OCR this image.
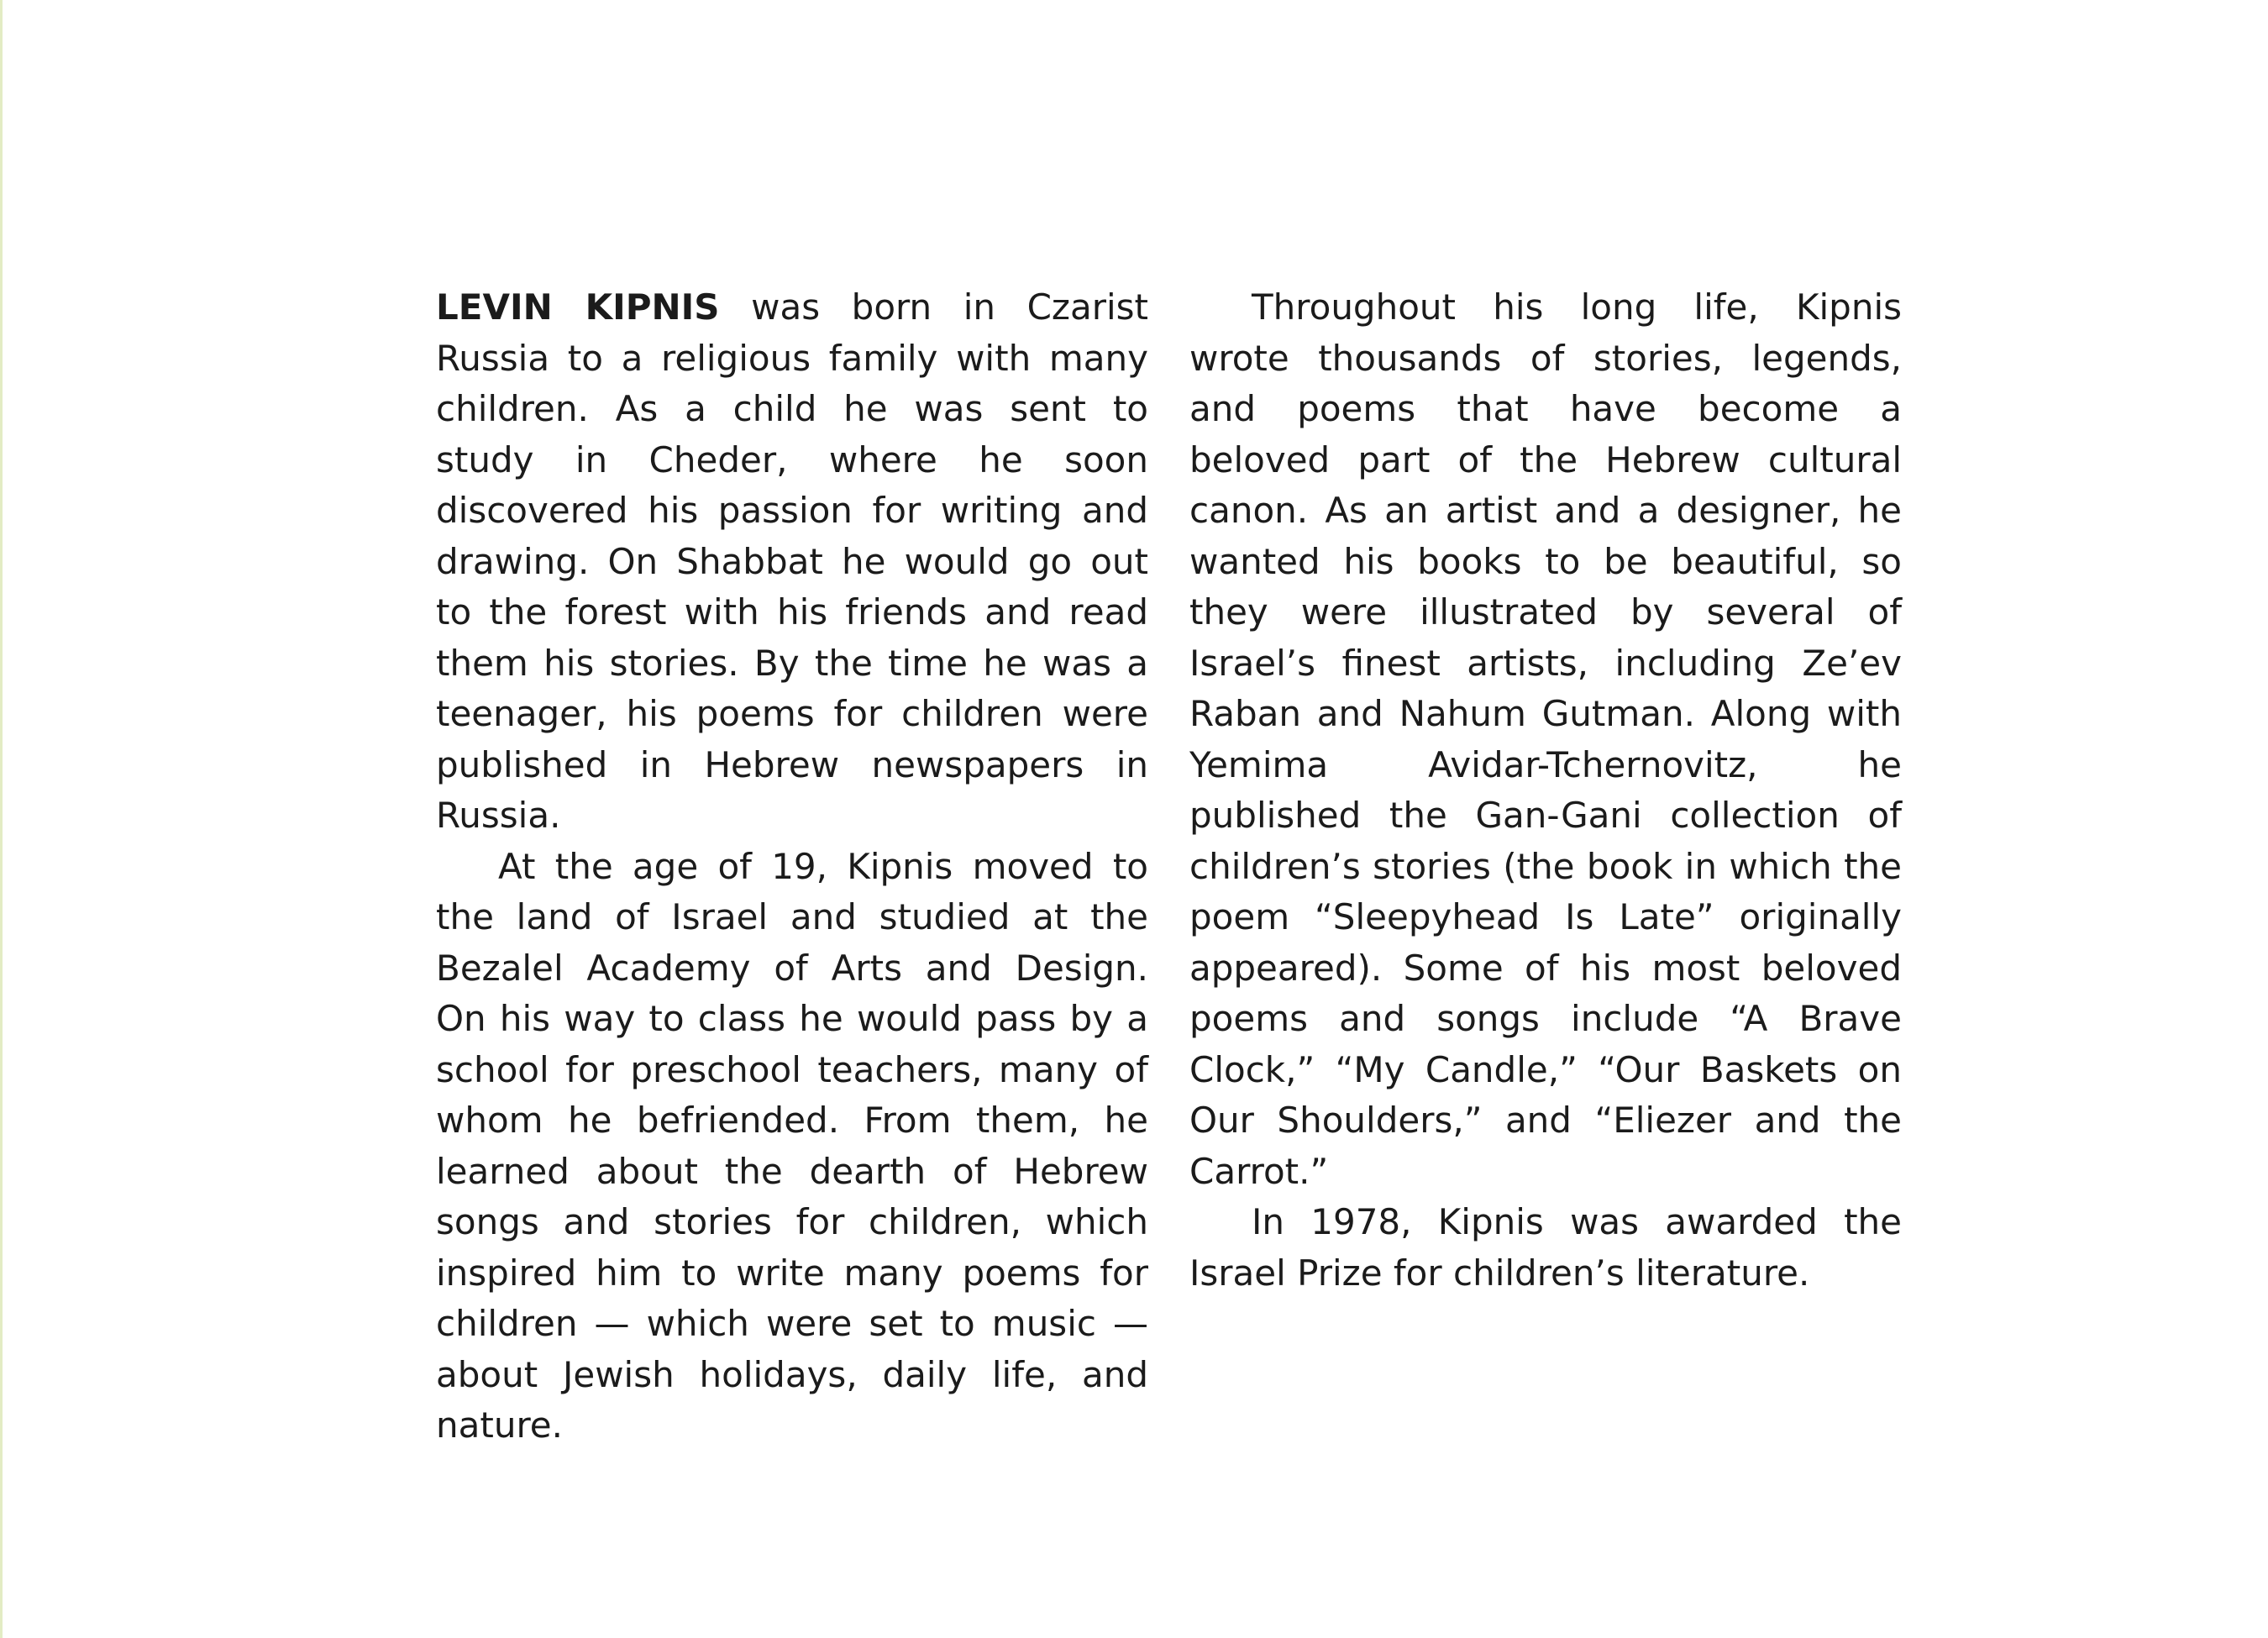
LEVIN KIPNIS was born in Czarist Russia to a religious family with many children. As a child he was sent to study in Cheder, where he soon discovered his passion for writing and drawing. On Shabbat he would go out to the forest with his friends and read them his stories. By the time he was a teenager, his poems for children were published in Hebrew newspapers in Russia.

At the age of 19, Kipnis moved to the land of Israel and studied at the Bezalel Academy of Arts and Design. On his way to class he would pass by a school for preschool teachers, many of whom he befriended. From them, he learned about the dearth of Hebrew songs and stories for children, which inspired him to write many poems for children — which were set to music — about Jewish holidays, daily life, and nature.

Throughout his long life, Kipnis wrote thousands of stories, legends, and poems that have become a beloved part of the Hebrew cultural canon. As an artist and a designer, he wanted his books to be beautiful, so they were illustrated by several of Israel’s finest artists, including Ze’ev Raban and Nahum Gutman. Along with Yemima Avidar-Tchernovitz, he published the Gan-Gani collection of children’s stories (the book in which the poem “Sleepyhead Is Late” originally appeared). Some of his most beloved poems and songs include “A Brave Clock,” “My Candle,” “Our Baskets on Our Shoulders,” and “Eliezer and the Carrot.”

In 1978, Kipnis was awarded the Israel Prize for children’s literature.
